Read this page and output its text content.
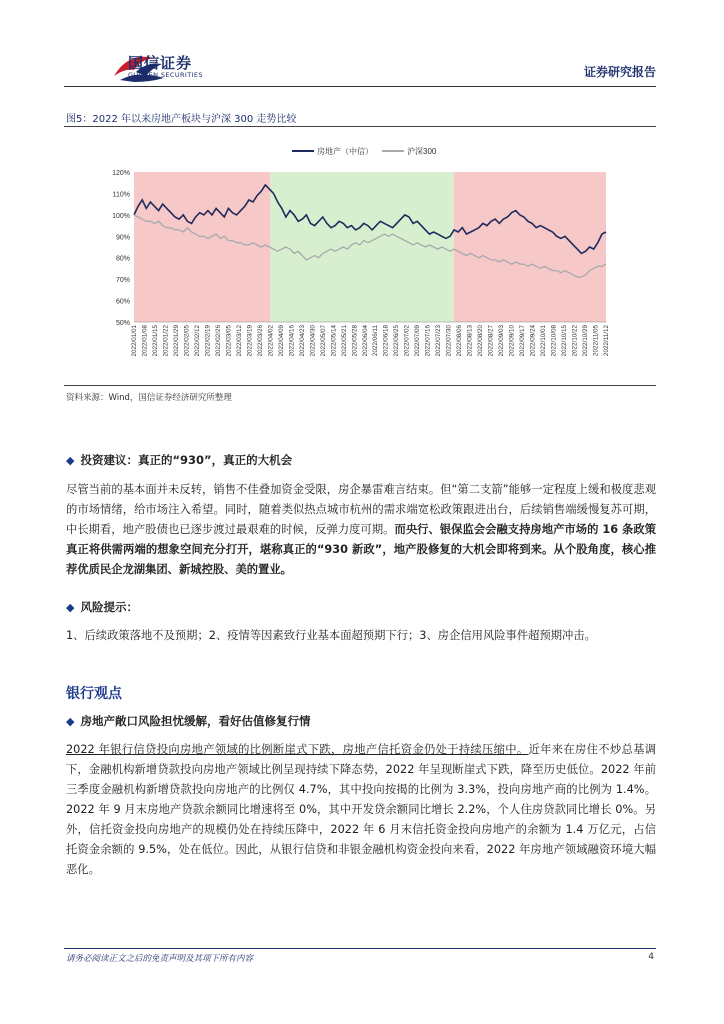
国信证券
GUOSEN SECURITIES	证券研究报告
图5：2022 年以来房地产板块与沪深 300 走势比较
50%
60%
70%
80%
90%
100%
110%
120%
2022/01/01 2022/01/08 2022/01/15 2022/01/22 2022/01/29 2022/02/05 2022/02/12 2022/02/19 2022/02/26 2022/03/05 2022/03/12 2022/03/19 2022/03/26 2022/04/02 2022/04/09 2022/04/16 2022/04/23 2022/04/30 2022/05/07 2022/05/14 2022/05/21 2022/05/28 2022/06/04 2022/06/11 2022/06/18 2022/06/25 2022/07/02 2022/07/09 2022/07/16 2022/07/23 2022/07/30 2022/08/06 2022/08/13 2022/08/20 2022/08/27 2022/09/03 2022/09/10 2022/09/17 2022/09/24 2022/10/01 2022/10/08 2022/10/15 2022/10/22 2022/10/29 2022/11/05 2022/11/12
房地产（中信）	沪深300
资料来源：Wind，国信证券经济研究所整理
◆ 投资建议：真正的“930”，真正的大机会
尽管当前的基本面并未反转，销售不佳叠加资金受限，房企暴雷难言结束。但“第二支箭”能够一定程度上缓和极度悲观的市场情绪，给市场注入希望。同时，随着类似热点城市杭州的需求端宽松政策跟进出台，后续销售端缓慢复苏可期，中长期看，地产股债也已逐步渡过最艰难的时候，反弹力度可期。而央行、银保监会会融支持房地产市场的 16 条政策真正将供需两端的想象空间充分打开，堪称真正的“930 新政”，地产股修复的大机会即将到来。从个股角度，核心推荐优质民企龙湖集团、新城控股、美的置业。
◆ 风险提示：
1、后续政策落地不及预期；2、疫情等因素致行业基本面超预期下行；3、房企信用风险事件超预期冲击。
银行观点
◆ 房地产敞口风险担忧缓解，看好估值修复行情
2022 年银行信贷投向房地产领域的比例断崖式下跌，房地产信托资金仍处于持续压缩中。近年来在房住不炒总基调下，金融机构新增贷款投向房地产领域比例呈现持续下降态势，2022 年呈现断崖式下跌，降至历史低位。2022 年前三季度金融机构新增贷款投向房地产的比例仅 4.7%，其中投向按揭的比例为 3.3%，投向房地产商的比例为 1.4%。2022 年 9 月末房地产贷款余额同比增速将至 0%，其中开发贷余额同比增长 2.2%，个人住房贷款同比增长 0%。另外，信托资金投向房地产的规模仍处在持续压降中，2022 年 6 月末信托资金投向房地产的余额为 1.4 万亿元，占信托资金余额的 9.5%，处在低位。因此，从银行信贷和非银金融机构资金投向来看，2022 年房地产领域融资环境大幅恶化。
请务必阅读正文之后的免责声明及其项下所有内容	4
